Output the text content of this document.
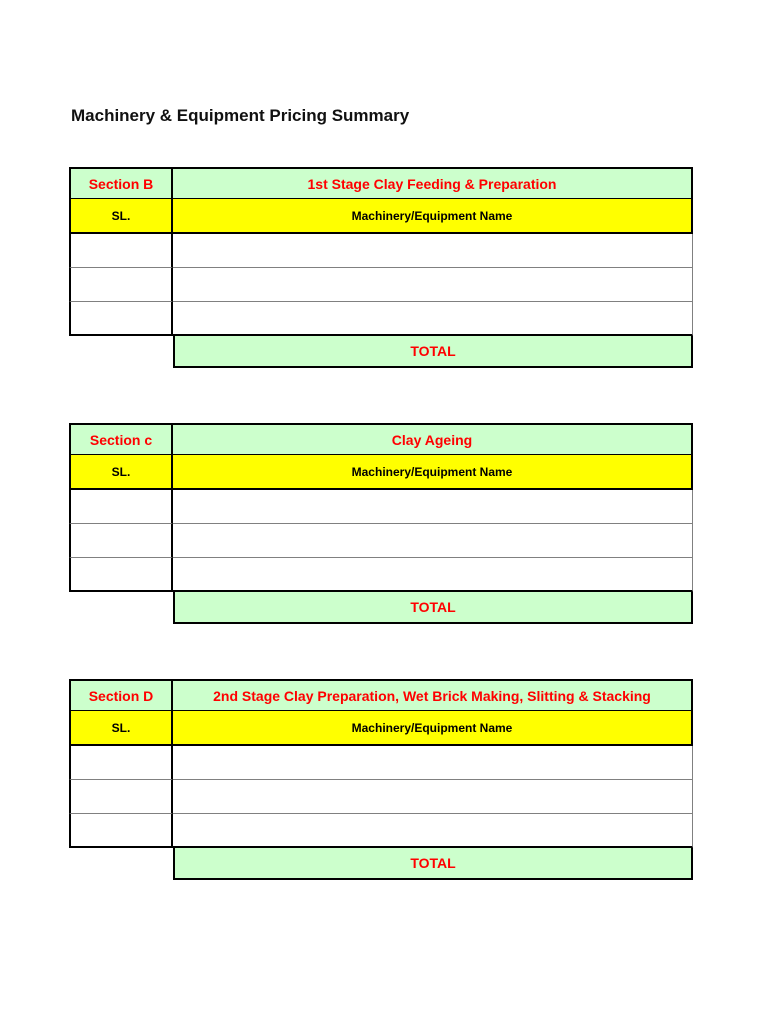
Machinery & Equipment Pricing Summary
Section B	1st Stage Clay Feeding & Preparation
SL.	Machinery/Equipment Name
TOTAL
Section c	Clay Ageing
SL.	Machinery/Equipment Name
TOTAL
Section D	2nd Stage Clay Preparation, Wet Brick Making, Slitting & Stacking
SL.	Machinery/Equipment Name
TOTAL
